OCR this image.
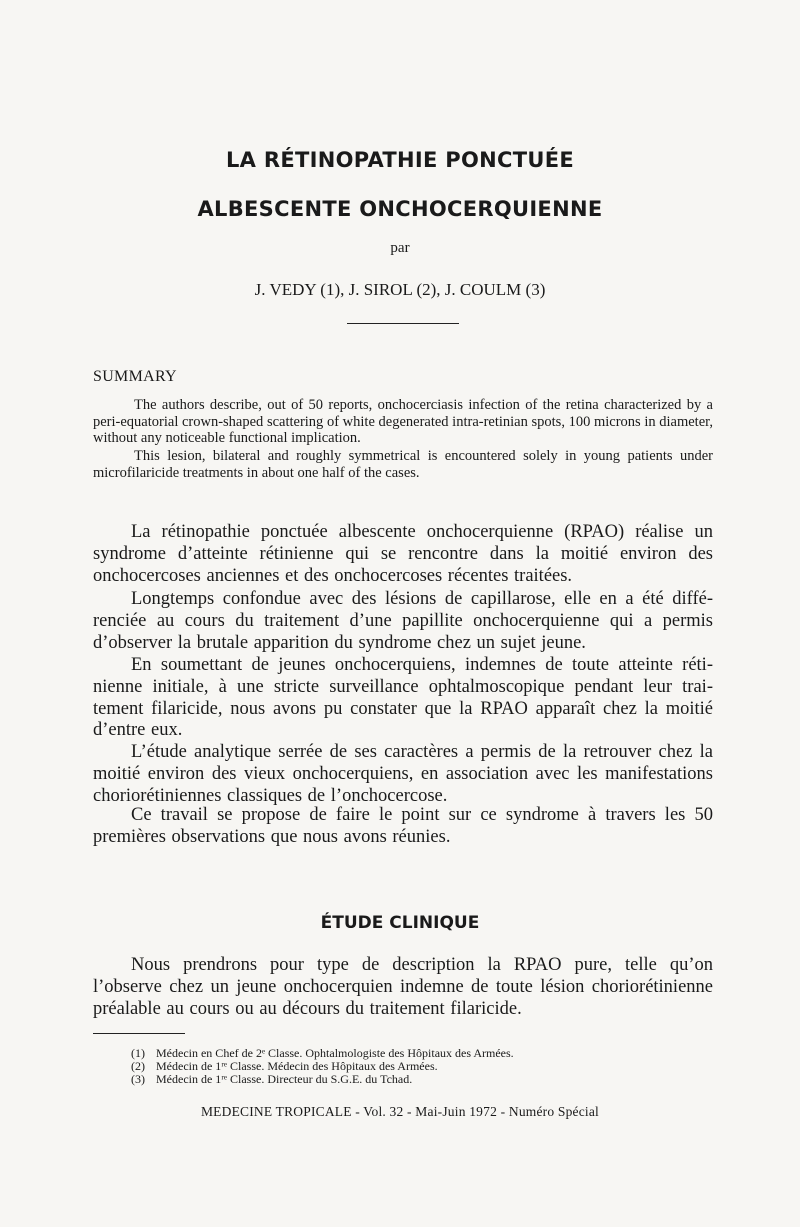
LA RÉTINOPATHIE PONCTUÉE
ALBESCENTE ONCHOCERQUIENNE

par

J. VEDY (1), J. SIROL (2), J. COULM (3)

SUMMARY

The authors describe, out of 50 reports, onchocerciasis infection of the retina characterized by a peri-equatorial crown-shaped scattering of white degenerated intra-retinian spots, 100 microns in diameter, without any noticeable functional implication.

This lesion, bilateral and roughly symmetrical is encountered solely in young patients under microfilaricide treatments in about one half of the cases.

La rétinopathie ponctuée albescente onchocerquienne (RPAO) réalise un syndrome d’atteinte rétinienne qui se rencontre dans la moitié environ des onchocercoses anciennes et des onchocercoses récentes traitées.

Longtemps confondue avec des lésions de capillarose, elle en a été différenciée au cours du traitement d’une papillite onchocerquienne qui a permis d’observer la brutale apparition du syndrome chez un sujet jeune.

En soumettant de jeunes onchocerquiens, indemnes de toute atteinte rétinienne initiale, à une stricte surveillance ophtalmoscopique pendant leur traitement filaricide, nous avons pu constater que la RPAO apparaît chez la moitié d’entre eux.

L’étude analytique serrée de ses caractères a permis de la retrouver chez la moitié environ des vieux onchocerquiens, en association avec les manifestations choriorétiniennes classiques de l’onchocercose.

Ce travail se propose de faire le point sur ce syndrome à travers les 50 premières observations que nous avons réunies.

ÉTUDE CLINIQUE

Nous prendrons pour type de description la RPAO pure, telle qu’on l’observe chez un jeune onchocerquien indemne de toute lésion choriorétinienne préalable au cours ou au décours du traitement filaricide.

(1) Médecin en Chef de 2ᵉ Classe. Ophtalmologiste des Hôpitaux des Armées.

(2) Médecin de 1ʳᵉ Classe. Médecin des Hôpitaux des Armées.

(3) Médecin de 1ʳᵉ Classe. Directeur du S.G.E. du Tchad.

MEDECINE TROPICALE - Vol. 32 - Mai-Juin 1972 - Numéro Spécial
